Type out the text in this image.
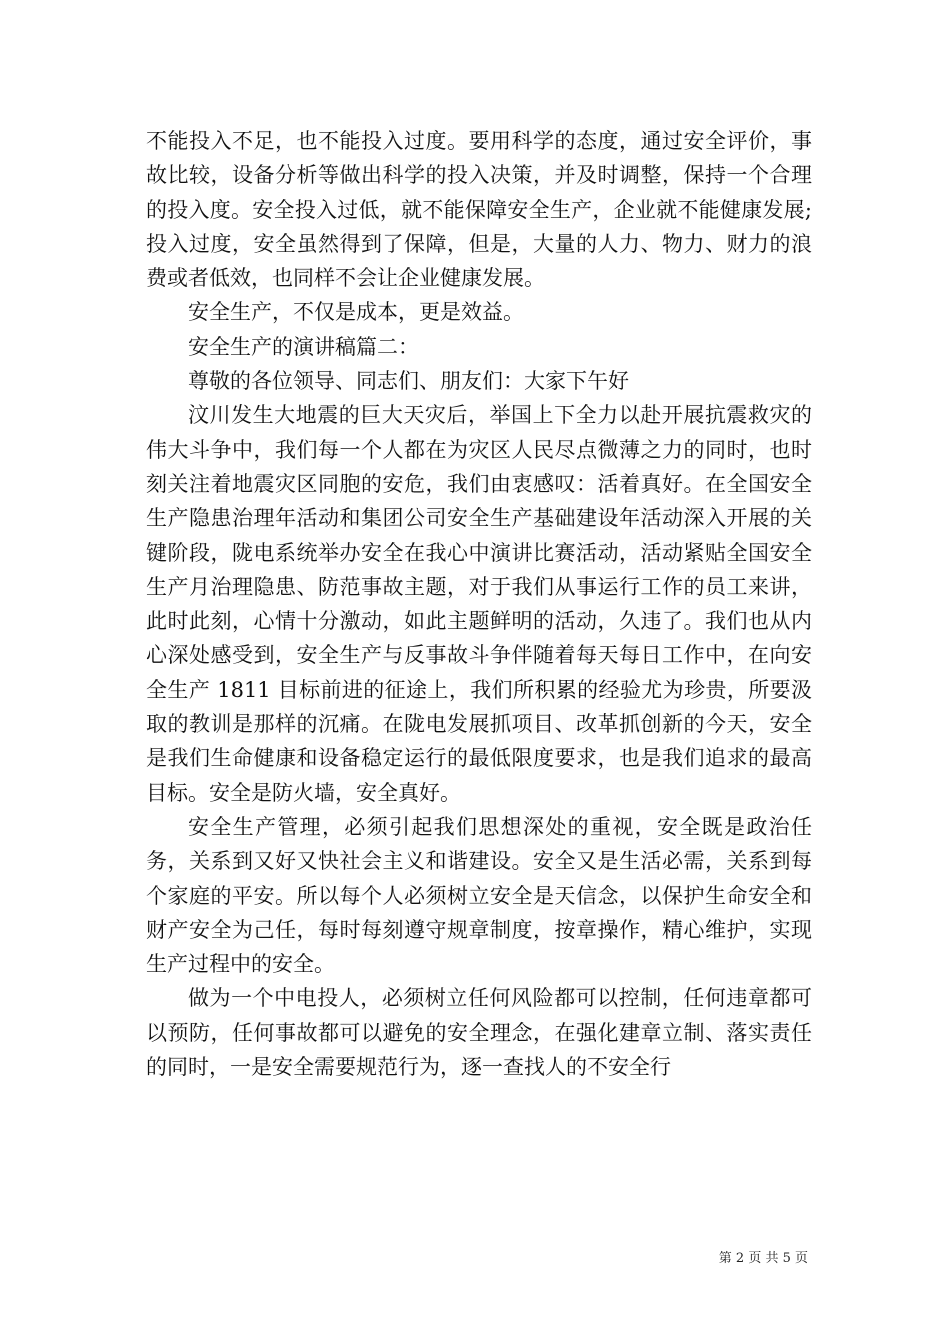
不能投入不足，也不能投入过度。要用科学的态度，通过安全评价，事故比较，设备分析等做出科学的投入决策，并及时调整，保持一个合理的投入度。安全投入过低，就不能保障安全生产，企业就不能健康发展;投入过度，安全虽然得到了保障，但是，大量的人力、物力、财力的浪费或者低效，也同样不会让企业健康发展。

安全生产，不仅是成本，更是效益。

安全生产的演讲稿篇二：

尊敬的各位领导、同志们、朋友们：大家下午好

汶川发生大地震的巨大天灾后，举国上下全力以赴开展抗震救灾的伟大斗争中，我们每一个人都在为灾区人民尽点微薄之力的同时，也时刻关注着地震灾区同胞的安危，我们由衷感叹：活着真好。在全国安全生产隐患治理年活动和集团公司安全生产基础建设年活动深入开展的关键阶段，陇电系统举办安全在我心中演讲比赛活动，活动紧贴全国安全生产月治理隐患、防范事故主题，对于我们从事运行工作的员工来讲，此时此刻，心情十分激动，如此主题鲜明的活动，久违了。我们也从内心深处感受到，安全生产与反事故斗争伴随着每天每日工作中，在向安全生产 1811 目标前进的征途上，我们所积累的经验尤为珍贵，所要汲取的教训是那样的沉痛。在陇电发展抓项目、改革抓创新的今天，安全是我们生命健康和设备稳定运行的最低限度要求，也是我们追求的最高目标。安全是防火墙，安全真好。

安全生产管理，必须引起我们思想深处的重视，安全既是政治任务，关系到又好又快社会主义和谐建设。安全又是生活必需，关系到每个家庭的平安。所以每个人必须树立安全是天信念，以保护生命安全和财产安全为己任，每时每刻遵守规章制度，按章操作，精心维护，实现生产过程中的安全。

做为一个中电投人，必须树立任何风险都可以控制，任何违章都可以预防，任何事故都可以避免的安全理念，在强化建章立制、落实责任的同时，一是安全需要规范行为，逐一查找人的不安全行

第 2 页 共 5 页
